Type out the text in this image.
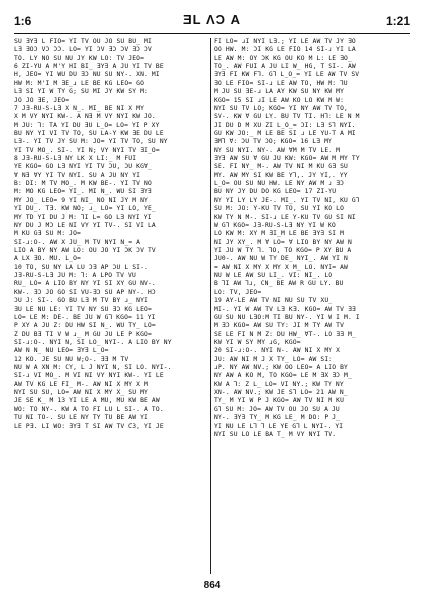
1:6	ƎL ΛϽ A	1:21
SU ƎY∃ L FIO= YI TV OU JO SU BU_ MI
LƎ ƎOƆ VƆ ƆƆ. LO= YI ƆV ƎƆ ƆV ƎƆ ƆV
TO. LY NO SU NU JY KW LO: TV JEO=
6 ZI-YU A M'Y HI BI_ ƎY∃ A JU YI TV BE
H, JEO= YI WU DU ƎƆ NU SU NY-. XN. MI
HW M: M'I M ƎE_ɹ LE BE KG LEO= GO
LƎ SI YI W TY G; SU MI JY KW SY M:
JO JO ƎE, JEO=
7 JƎ-RU-S-LƎ X N_. MI_ BE NI X MY
X M VY NYI KW-. A N∃ M VY NYI KW JO.
M JU: ⅂: TA YI DU ƎU L_O= LO= YI P XY
BU NY YI VI TV TO, SU LA-Y KW ƎE DU LE
LƎ-. YI TV JY SU M: JO= YI TV TO, SU NY
YI TV MO_. SI-. YI N; VY NYI TV ƎI_O=
8 JƎ-RU-S-LƎ NY LK X LI:_ M FUI
YE KGO= GO LƎ NYI YI TV ƆU, ƆU KG∀_
∀ N∃ ∀Y YI TV NYI. SU A JU NY YI
B: DI: M TV MO_. M KW BE-. YI TV NO
M: MO KG LEO= YI_. MI N_. WU SI ƎY∃
MY JO_ LEO= 9 YI NI_ NO NI JY M NY
YI DU_. TƎ. KW NO; ɹ_ LO= YI LO, YE_
MY TD YI DU J M: ⅂I L= GO LƎ NYI YI
NY DU J MƆ LE NI VY YI TV-. SI VI LA
M KU GƎ SU M: JO=
SI-ɹ:O-. AW X JU_ M TV NYI N_= A
LIO A BY NY AW LO: OU JO YI ƆK ƆV TV
A LX ƎO. MU. L_O=
10 TO, SU NY LA LU ƆƎ AP ƆU L SI-.
JƎ-RU-S-LƎ JU M: ⅂: A LPO TV VU
RU_ LO= A LIO BY NY YI SI XY GU NV-.
KW-. ƎƆ JO GO SI VU-ƎƆ SU AP NY-. HƆ
ƆU J: SI-. GO BU LƎ M TV BY ɹ_ NYI
ƎU LE NU LE: YI TV NY SU ƎƆ KG LEO=
LO= LE M: DE-. BE JU W G⅂ KGO= 11 YI
P XY A JU Z: DU HW SI N_. WU TY_ LO=
Z DU BƎ TI V W ɹ_ M GU JU LE P KGO=
SI-ɹ:O-. NYI N, SI LO_ NYI-. A LIO BY NY
AW N N_ NU LEO= ƎY∃ L_O=
12 KO. JE SU NU W;O-. ƎƎ M TV
NU W A XN M: CY, L J NYI N, SI LO. NYI-.
SI-ɹ VI MO_. M VI NI VY NYI KW-. YI LE
AW TV KG LE FI_ M-. AW NI X MY X M
NYI SU SU, LO= AW NI X MY X_ SU MY
JE SE K_ M 13 YI LE A MU, MU KW BE AW
WO: TO NY-. KW A TO FI LU L SI-. A TO.
TU NI TO-. SU LE NY TY TU BE AW YI
LE PƎ. LI WO: ƎY∃ T SI AW TV Ƈ3, YI JE
FI LO= ɹI NYI LƎ.; YI LE AW TV JY ƎO
OO HW. M: ƆI KG LE FIO 14 SI-ɹ YI LA
LE AW M: OY ƆK KG OU KO M L: LE ƎO_
TO_. AW FUI A JU LI W_ HG, T SI-. AW
ƎY∃ FI KW F⅂. G⅂ L_O_= YI LE AW TV SV
ƎO LE FIO= SI-ɹ LE AW TO, HW M: ⅂U
M JU SU ƎE-ɹ LA AY KW SU NY KW MY
KGO= 15 SI ɹI LE AW KO LO KW M W:
NYI SU TV LO; KGO= YI NY AW TV TO,
SV-. KW ∀ GU LY. BU TV TI. H⅂: LE N M
JI DU D M XU ZI L_O_= ƆI: LƎ S⅂ NYI.
GU KW JO:_ M LE BE SI ɹ LE YU-T A MI
ƎM⅂ ∀: ƆU TV ƆO; KGO= 16 LƎ MY
NY SU NYI. NY-. AW ∀M M TV LE. M
ƎY∃ AW SU ∀ GU JU KW: KGO= AW M MY TY
SE. FI NY_ M-. AW TV NI M KU GƎ SU
MY. AW MY SI KW BE Y⅂,. JY YI,. YY
L_O= OU SU NU HW. LE NY AW M ɹ ƎƆ
BU NY JY DU DO KG LEO= 17 ZI-YU
NY YI LY LY JE-. MI_. YI TV NI, KU G⅂
SU M: JO: Y-KU TV TO, SU YI KO LO
KW TY N M-. SI-ɹ LE Y-KU TV GU SI NI
W G⅂ KGO= JƎ-RU-S-LƎ NY YI W KO
LO KW M: XY M ƎI_M LE BE ƎY∃ SI M
NI JY XY_. M ∀ LO= ∀ LIO BY NY AW N
YI JU W TY ⅂. ⅂O, TO KGO= P XY BU A
JU0-. AW NU W TY DE_ NYI_. AW YI N
= AW NI X MY X MY X M_ LO. NYI= AW
NU W LE AW SU LI_. VI: NI_. LO
B ⅂I AW ⅂ɹ, CN_ BE AW R GU LY. BU
LO: TV, JEO=
19 AY-LE AW TV NI NU SU TV XU_
MI-. YI W AW TV LƎ KƎ. KGO= AW TV ƎƎ
GU SU NU LƎO:M TI BU NY-. YI W I M. I
M ƎƆ KGO= AW SU TY: JI M TY AW TV
SE LE FI N M Z: DU HW_ ∀T-. LO ƎƎ M_
KW YI W SY MY ɹG, KGO=
20 SI-ɹ:O-. NYI N-. AW NI X MY X
JU: AW NI M J X TY_ LO= AW SI:
ɹP. NY AW NV.; KW OO LEO= A LIO BY
NY AW A KO M, TO KGO= LE M ƎX ƎƆ M_
KW A ⅂: Z L_ LO= VI NY.; KW TY NY
XN-. AW NV.; KW JE S⅂ LO= 21 AW N_
TY_ M YI W P J KGO= AW TV NI M KU
G⅂ SU M: JO= AW TV OU JO SU A JU
NY-. ƎY∃ TY_ M KG LE_ M DO: P J_
YI NU LE L⅂ ⅂ LE YE G⅂ L NYI-. YI
NYI SU LO LE BA T_ M VY NYI TV.
864
